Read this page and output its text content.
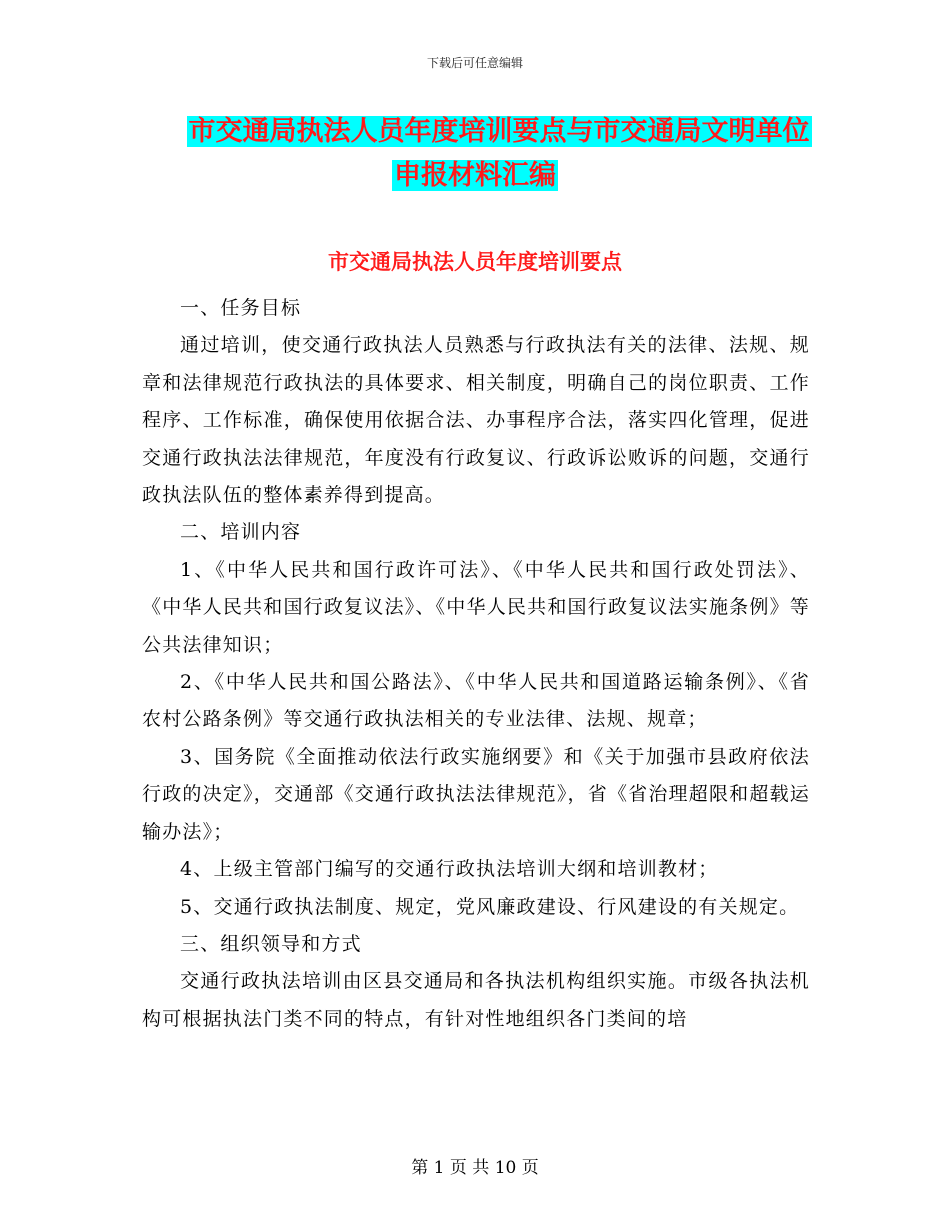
下载后可任意编辑
市交通局执法人员年度培训要点与市交通局文明单位
申报材料汇编
市交通局执法人员年度培训要点

一、任务目标

通过培训，使交通行政执法人员熟悉与行政执法有关的法律、法规、规章和法律规范行政执法的具体要求、相关制度，明确自己的岗位职责、工作程序、工作标准，确保使用依据合法、办事程序合法，落实四化管理，促进交通行政执法法律规范，年度没有行政复议、行政诉讼败诉的问题，交通行政执法队伍的整体素养得到提高。

二、培训内容

1、《中华人民共和国行政许可法》、《中华人民共和国行政处罚法》、《中华人民共和国行政复议法》、《中华人民共和国行政复议法实施条例》等公共法律知识；

2、《中华人民共和国公路法》、《中华人民共和国道路运输条例》、《省农村公路条例》等交通行政执法相关的专业法律、法规、规章；

3、国务院《全面推动依法行政实施纲要》和《关于加强市县政府依法行政的决定》，交通部《交通行政执法法律规范》，省《省治理超限和超载运输办法》；

4、上级主管部门编写的交通行政执法培训大纲和培训教材；

5、交通行政执法制度、规定，党风廉政建设、行风建设的有关规定。

三、组织领导和方式

交通行政执法培训由区县交通局和各执法机构组织实施。市级各执法机构可根据执法门类不同的特点，有针对性地组织各门类间的培

第 1 页 共 10 页
